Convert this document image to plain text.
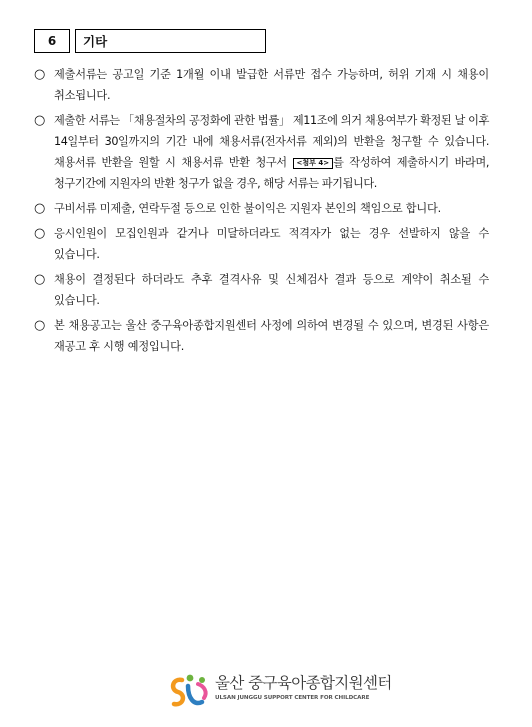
6	기타
○ 제출서류는 공고일 기준 1개월 이내 발급한 서류만 접수 가능하며, 허위 기재 시 채용이 취소됩니다.
○ 제출한 서류는 「채용절차의 공정화에 관한 법률」 제11조에 의거 채용여부가 확정된 날 이후 14일부터 30일까지의 기간 내에 채용서류(전자서류 제외)의 반환을 청구할 수 있습니다. 채용서류 반환을 원할 시 채용서류 반환 청구서 <첨부 4> 를 작성하여 제출하시기 바라며, 청구기간에 지원자의 반환 청구가 없을 경우, 해당 서류는 파기됩니다.
○ 구비서류 미제출, 연락두절 등으로 인한 불이익은 지원자 본인의 책임으로 합니다.
○ 응시인원이 모집인원과 같거나 미달하더라도 적격자가 없는 경우 선발하지 않을 수 있습니다.
○ 채용이 결정된다 하더라도 추후 결격사유 및 신체검사 결과 등으로 계약이 취소될 수 있습니다.
○ 본 채용공고는 울산 중구육아종합지원센터 사정에 의하여 변경될 수 있으며, 변경된 사항은 재공고 후 시행 예정입니다.
울산 중구육아종합지원센터
ULSAN JUNGGU SUPPORT CENTER FOR CHILDCARE
